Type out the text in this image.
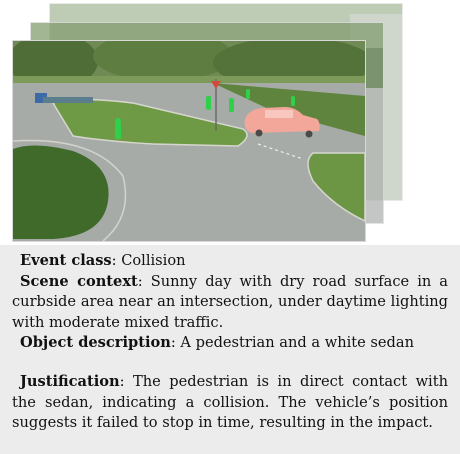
Event class: Collision

Scene context: Sunny day with dry road surface in a curbside area near an intersection, under daytime lighting with moderate mixed traffic.

Object description: A pedestrian and a white sedan

Justification: The pedestrian is in direct contact with the sedan, indicating a collision. The vehicle’s position suggests it failed to stop in time, resulting in the impact.
